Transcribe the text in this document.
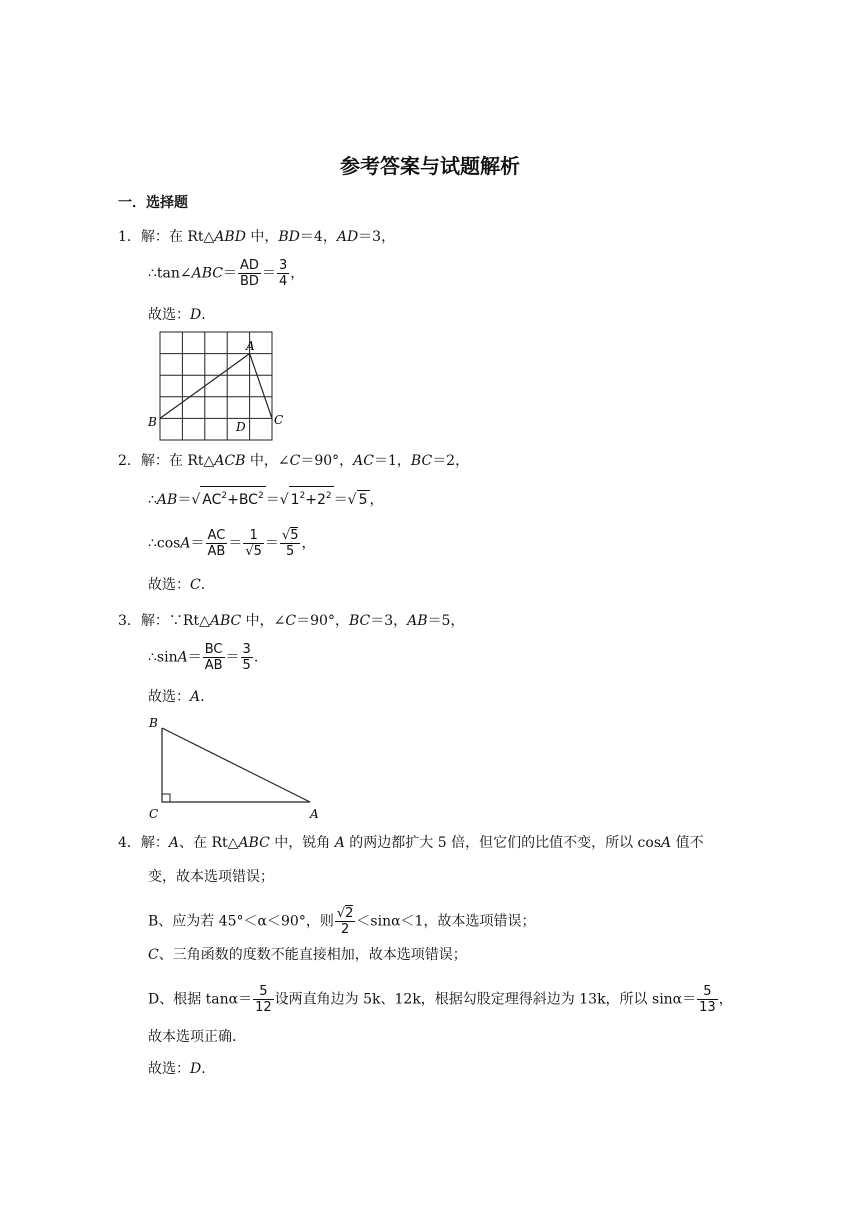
参考答案与试题解析
一．选择题
1．解：在 Rt△ABD 中，BD＝4，AD＝3，
∴tan∠ABC＝ $\frac{AD}{BD} = \frac{3}{4}$ ，
故选：D.
A
B	C
D
2．解：在 Rt△ACB 中，∠C＝90°，AC＝1，BC＝2，
∴AB＝√ $AC^2+BC^2$ ＝√ $1^2+2^2$ ＝√ 5 ，
∴cosA＝ $\frac{AC}{AB} = \frac{1}{√5} = \frac{√5}{5}$ ，
故选：C.
3．解：∵Rt△ABC 中，∠C＝90°，BC＝3，AB＝5，
∴sinA＝ $\frac{BC}{AB} = \frac{3}{5}$ .
故选：A.
B
C	A
4．解：A、在 Rt△ABC 中，锐角 A 的两边都扩大 5 倍，但它们的比值不变，所以 cosA 值不
变，故本选项错误；
B、应为若 45°＜α＜90°，则 $\frac{√2}{2} <\sin\alpha<1$，故本选项错误；
C、三角函数的度数不能直接相加，故本选项错误；
D、根据 $\tan\alpha= \frac{5}{12}$ 设两直角边为 5k、12k，根据勾股定理得斜边为 13k，所以 $\sin\alpha= \frac{5}{13}$ ，
故本选项正确．
故选：D.
